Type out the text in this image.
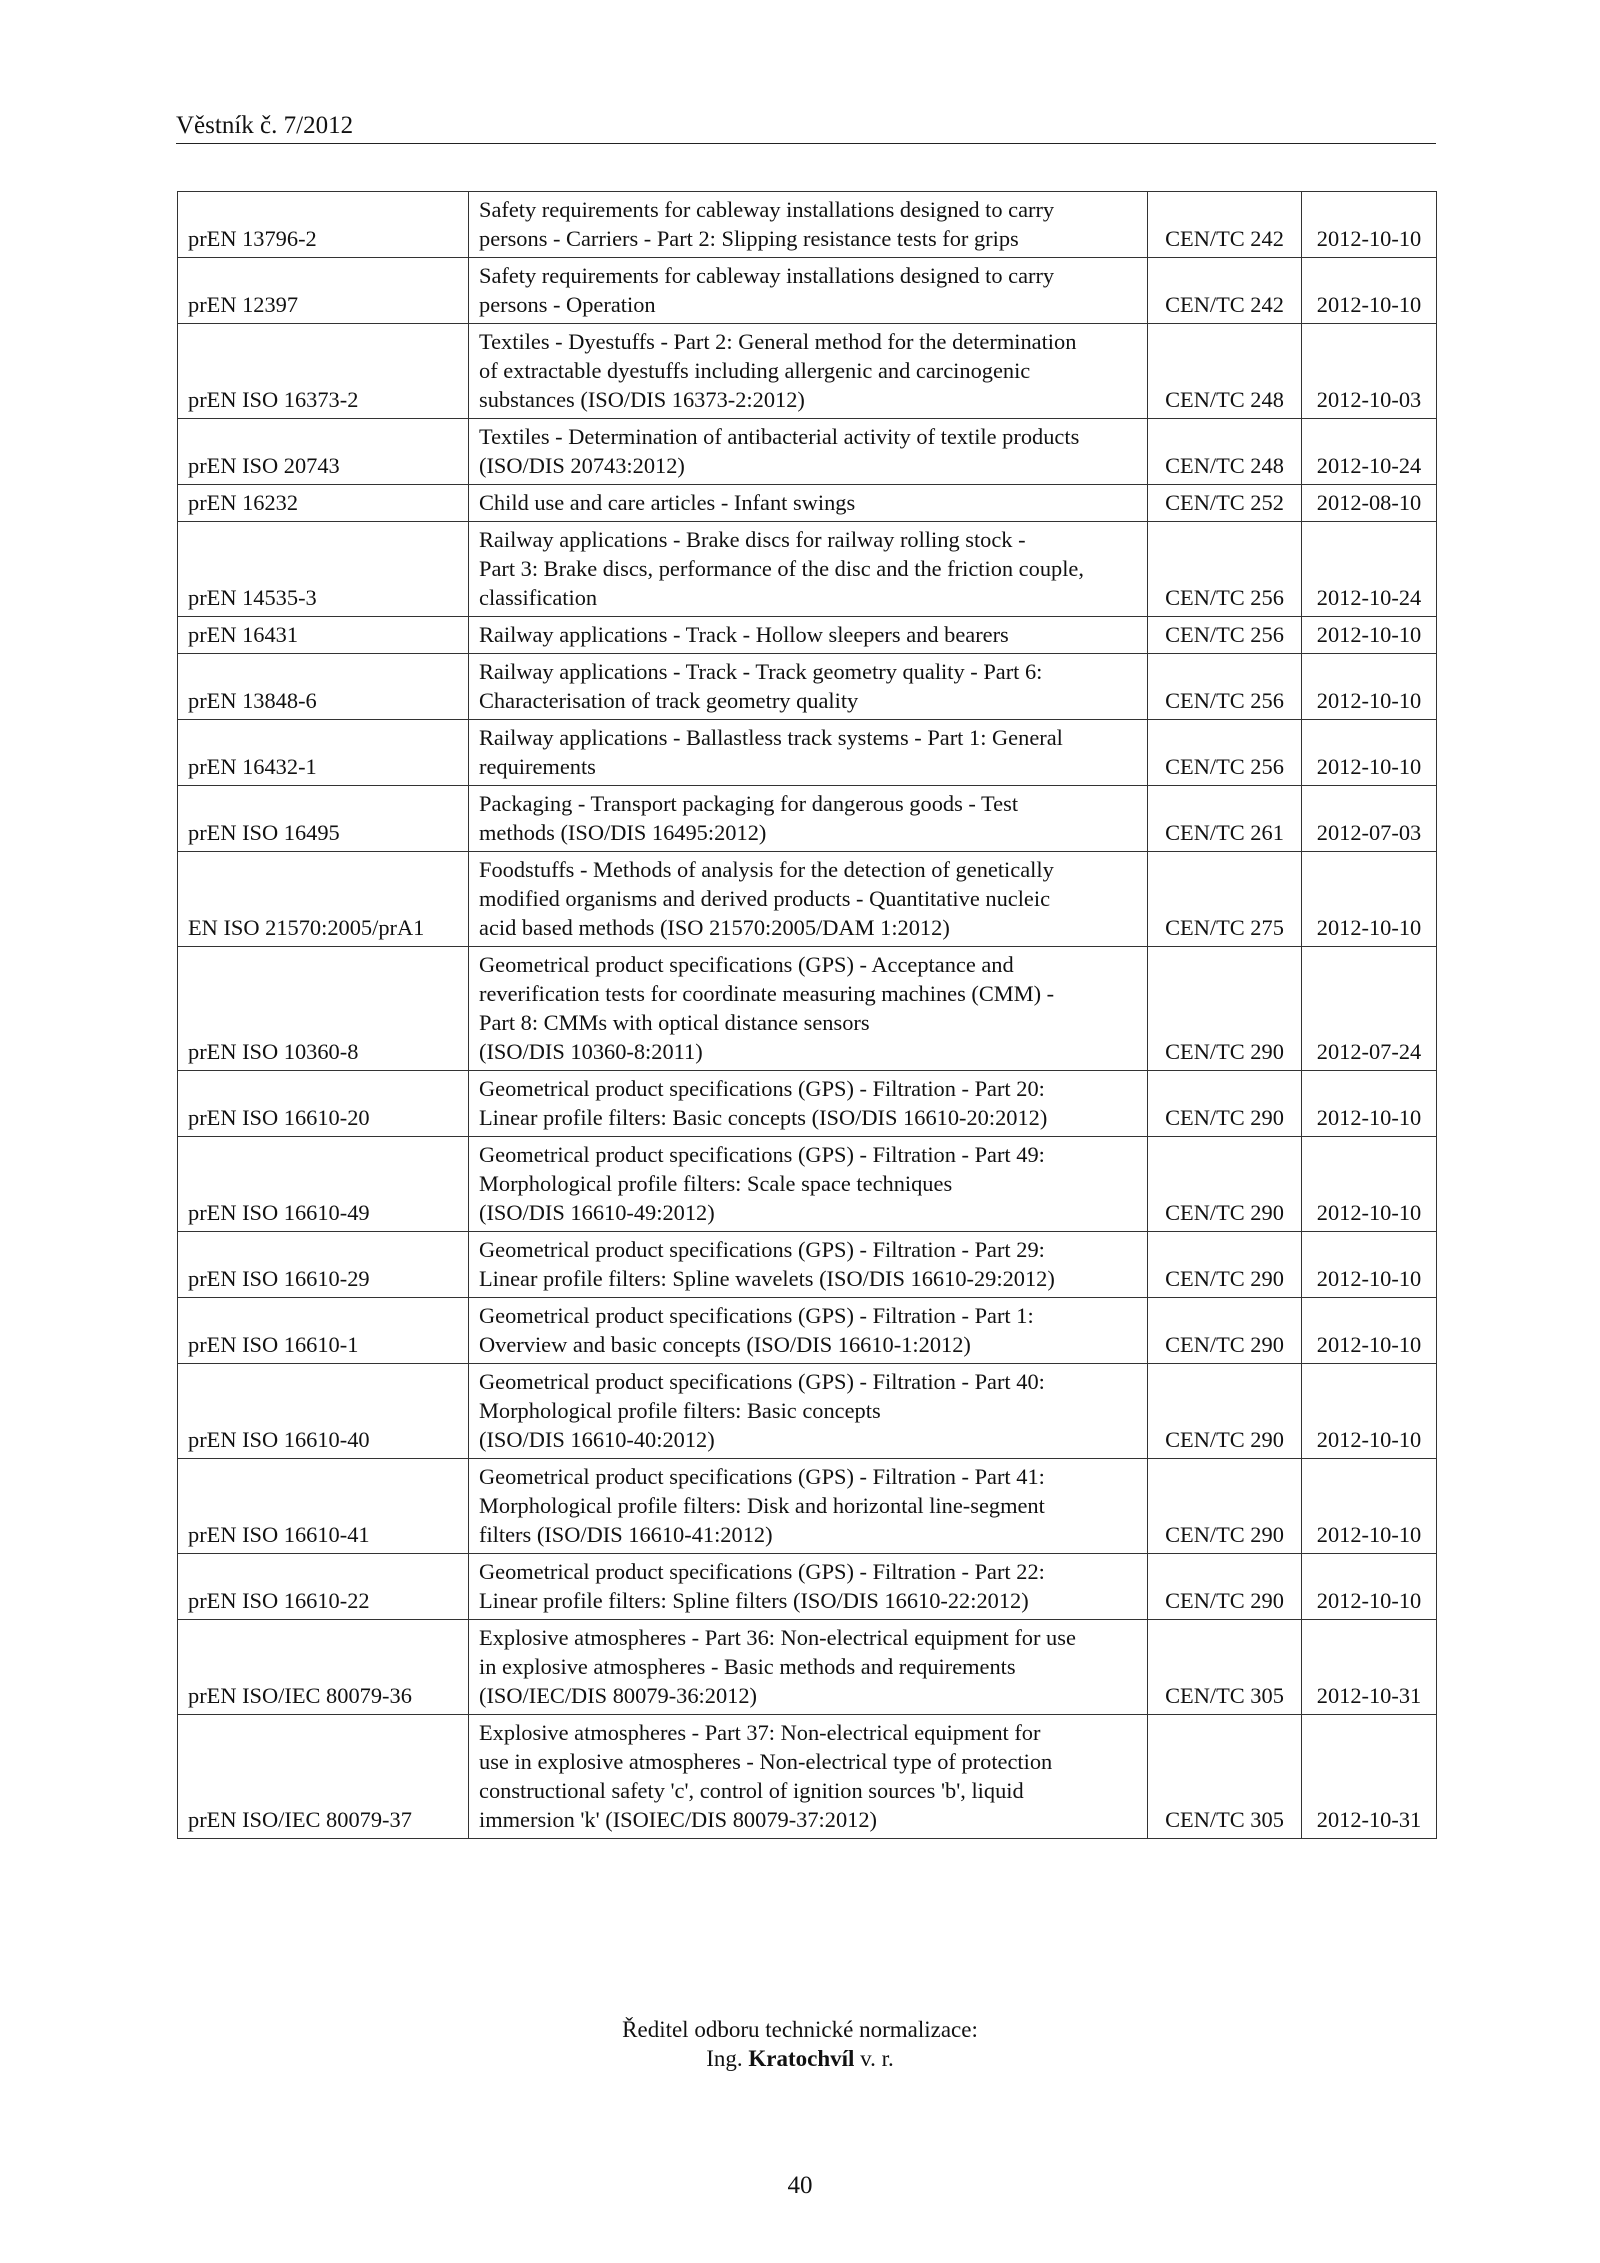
Věstník č. 7/2012
prEN 13796-2	Safety requirements for cableway installations designed to carry
persons - Carriers - Part 2: Slipping resistance tests for grips	CEN/TC 242	2012-10-10
prEN 12397	Safety requirements for cableway installations designed to carry
persons - Operation	CEN/TC 242	2012-10-10
prEN ISO 16373-2	Textiles - Dyestuffs - Part 2: General method for the determination
of extractable dyestuffs including allergenic and carcinogenic
substances (ISO/DIS 16373-2:2012)	CEN/TC 248	2012-10-03
prEN ISO 20743	Textiles - Determination of antibacterial activity of textile products
(ISO/DIS 20743:2012)	CEN/TC 248	2012-10-24
prEN 16232	Child use and care articles - Infant swings	CEN/TC 252	2012-08-10
prEN 14535-3	Railway applications - Brake discs for railway rolling stock -
Part 3: Brake discs, performance of the disc and the friction couple,
classification	CEN/TC 256	2012-10-24
prEN 16431	Railway applications - Track - Hollow sleepers and bearers	CEN/TC 256	2012-10-10
prEN 13848-6	Railway applications - Track - Track geometry quality - Part 6:
Characterisation of track geometry quality	CEN/TC 256	2012-10-10
prEN 16432-1	Railway applications - Ballastless track systems - Part 1: General
requirements	CEN/TC 256	2012-10-10
prEN ISO 16495	Packaging - Transport packaging for dangerous goods - Test
methods (ISO/DIS 16495:2012)	CEN/TC 261	2012-07-03
EN ISO 21570:2005/prA1	Foodstuffs - Methods of analysis for the detection of genetically
modified organisms and derived products - Quantitative nucleic
acid based methods (ISO 21570:2005/DAM 1:2012)	CEN/TC 275	2012-10-10
prEN ISO 10360-8	Geometrical product specifications (GPS) - Acceptance and
reverification tests for coordinate measuring machines (CMM) -
Part 8: CMMs with optical distance sensors
(ISO/DIS 10360-8:2011)	CEN/TC 290	2012-07-24
prEN ISO 16610-20	Geometrical product specifications (GPS) - Filtration - Part 20:
Linear profile filters: Basic concepts (ISO/DIS 16610-20:2012)	CEN/TC 290	2012-10-10
prEN ISO 16610-49	Geometrical product specifications (GPS) - Filtration - Part 49:
Morphological profile filters: Scale space techniques
(ISO/DIS 16610-49:2012)	CEN/TC 290	2012-10-10
prEN ISO 16610-29	Geometrical product specifications (GPS) - Filtration - Part 29:
Linear profile filters: Spline wavelets (ISO/DIS 16610-29:2012)	CEN/TC 290	2012-10-10
prEN ISO 16610-1	Geometrical product specifications (GPS) - Filtration - Part 1:
Overview and basic concepts (ISO/DIS 16610-1:2012)	CEN/TC 290	2012-10-10
prEN ISO 16610-40	Geometrical product specifications (GPS) - Filtration - Part 40:
Morphological profile filters: Basic concepts
(ISO/DIS 16610-40:2012)	CEN/TC 290	2012-10-10
prEN ISO 16610-41	Geometrical product specifications (GPS) - Filtration - Part 41:
Morphological profile filters: Disk and horizontal line-segment
filters (ISO/DIS 16610-41:2012)	CEN/TC 290	2012-10-10
prEN ISO 16610-22	Geometrical product specifications (GPS) - Filtration - Part 22:
Linear profile filters: Spline filters (ISO/DIS 16610-22:2012)	CEN/TC 290	2012-10-10
prEN ISO/IEC 80079-36	Explosive atmospheres - Part 36: Non-electrical equipment for use
in explosive atmospheres - Basic methods and requirements
(ISO/IEC/DIS 80079-36:2012)	CEN/TC 305	2012-10-31
prEN ISO/IEC 80079-37	Explosive atmospheres - Part 37: Non-electrical equipment for
use in explosive atmospheres - Non-electrical type of protection
constructional safety 'c', control of ignition sources 'b', liquid
immersion 'k' (ISOIEC/DIS 80079-37:2012)	CEN/TC 305	2012-10-31
Ředitel odboru technické normalizace:
Ing. Kratochvíl v. r.
40
